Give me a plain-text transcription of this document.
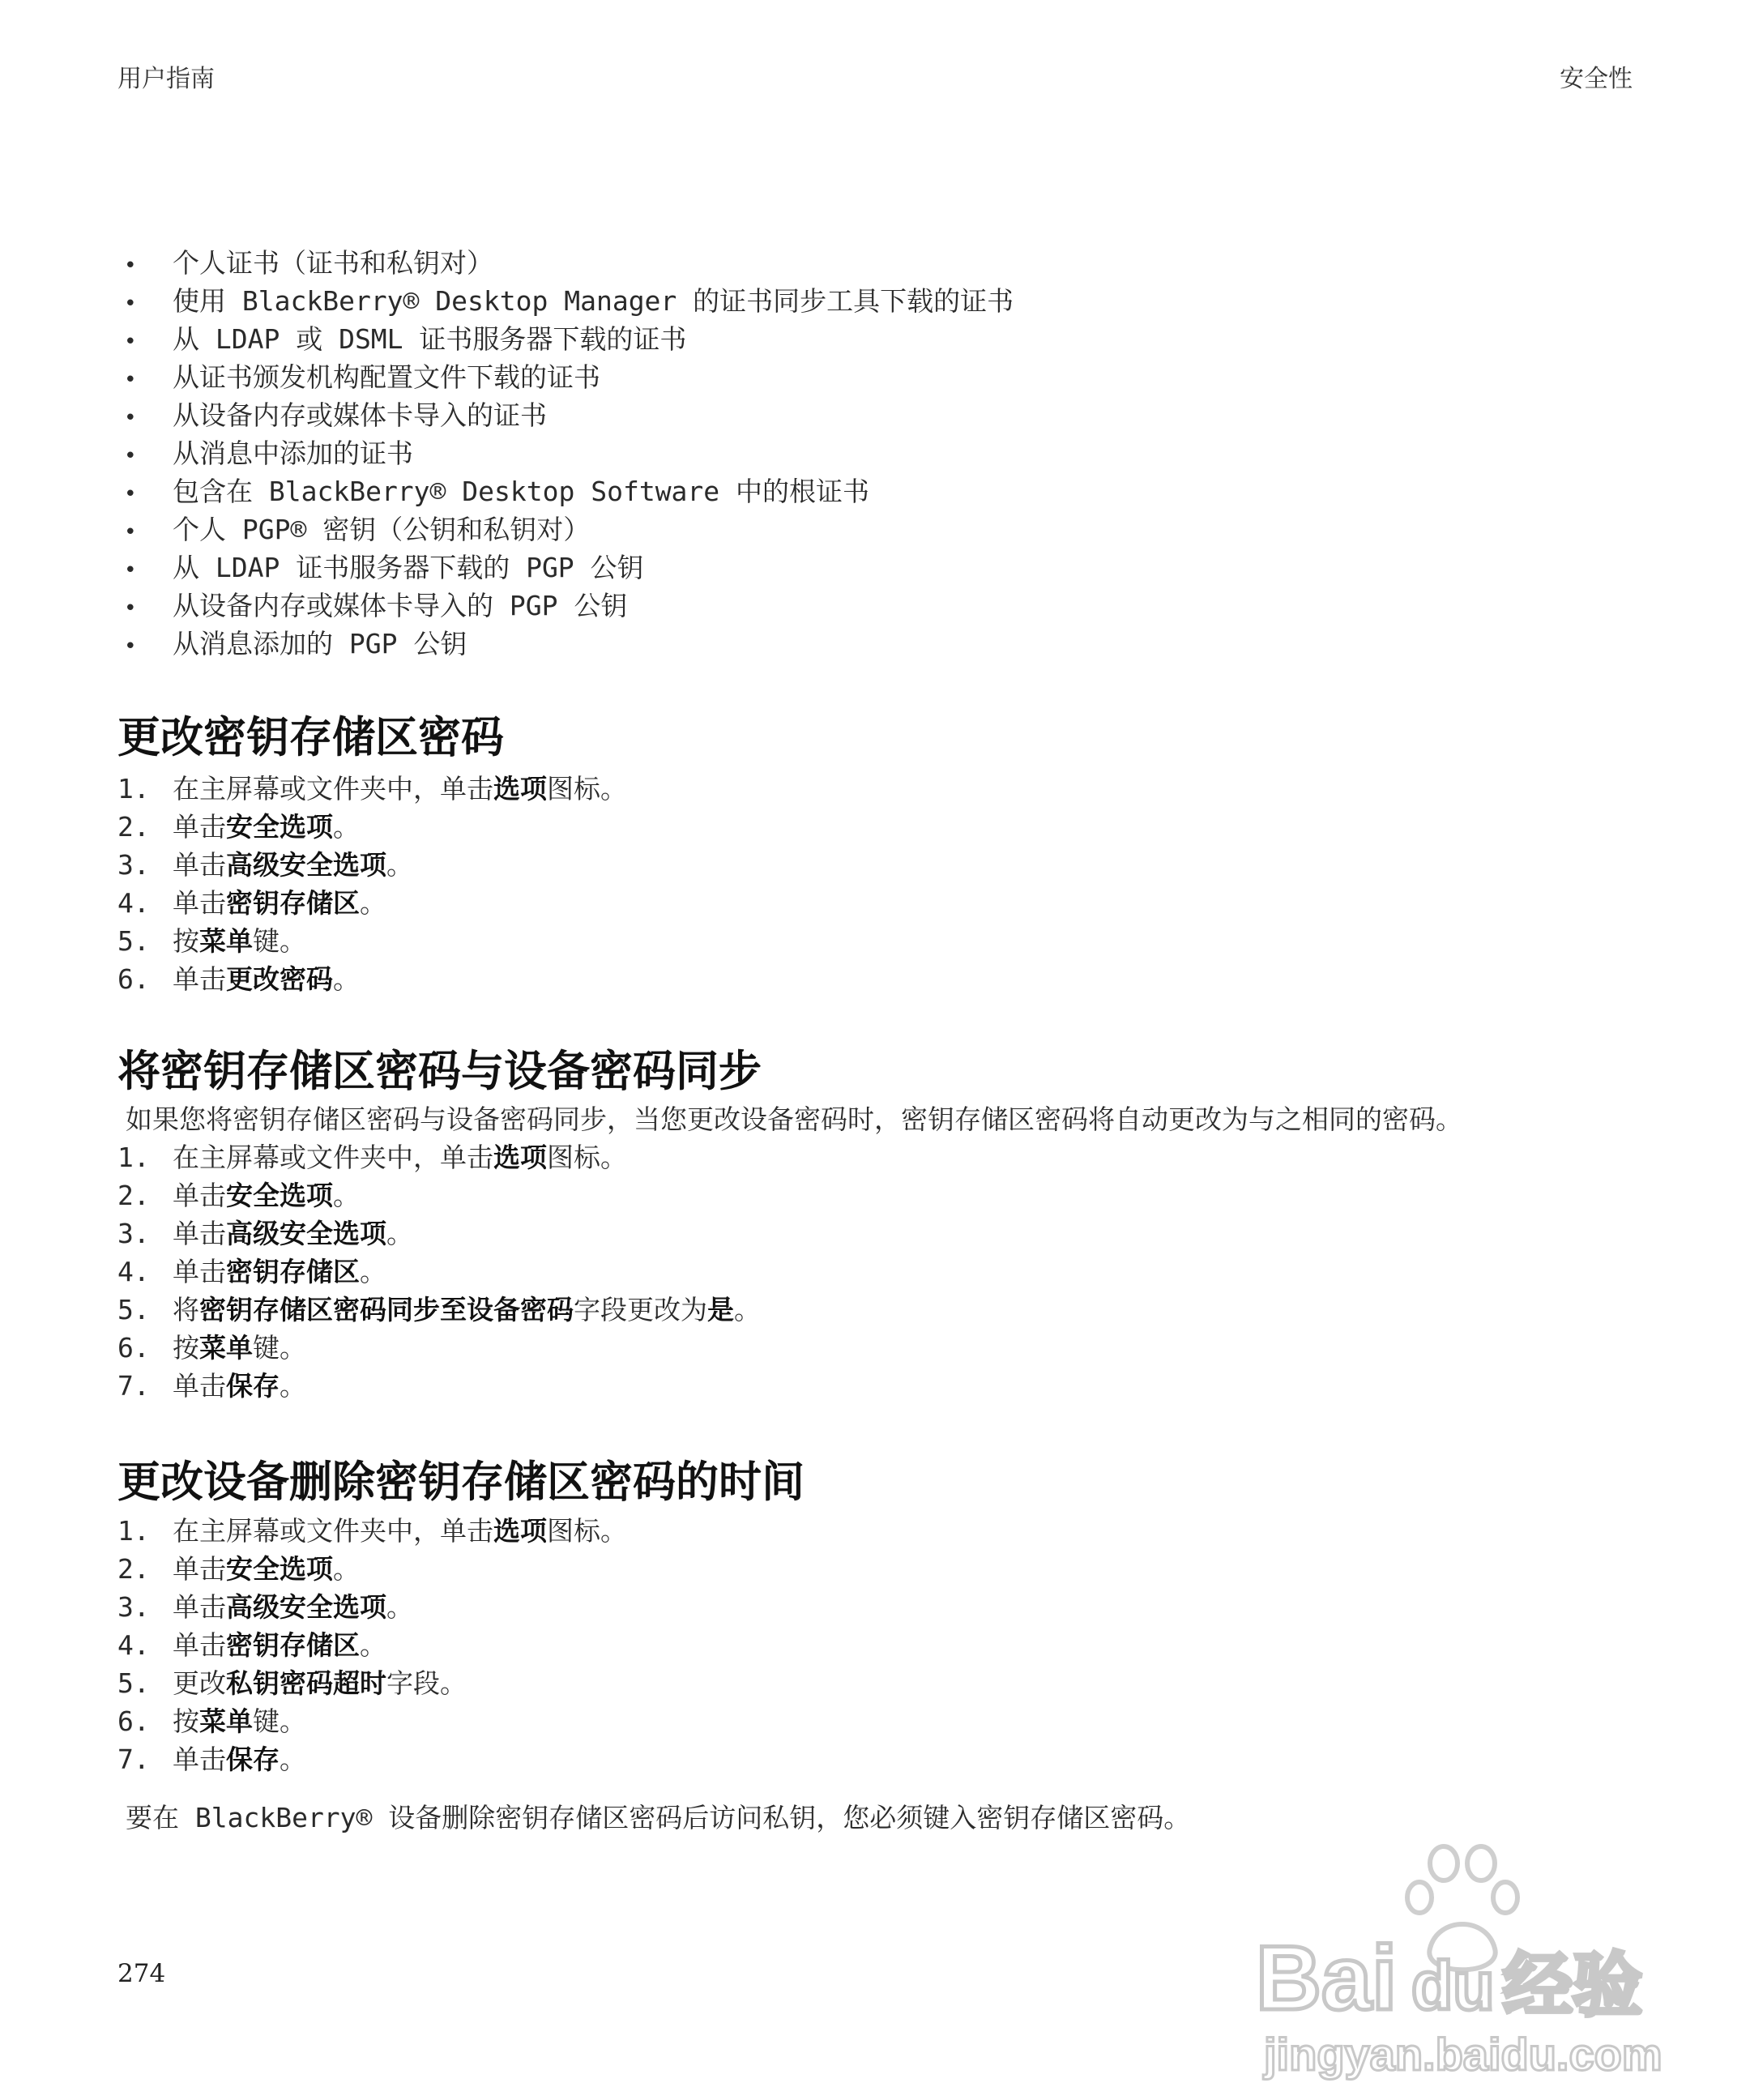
用户指南	安全性
• 个人证书（证书和私钥对）
• 使用 BlackBerry® Desktop Manager 的证书同步工具下载的证书
• 从 LDAP 或 DSML 证书服务器下载的证书
• 从证书颁发机构配置文件下载的证书
• 从设备内存或媒体卡导入的证书
• 从消息中添加的证书
• 包含在 BlackBerry® Desktop Software 中的根证书
• 个人 PGP® 密钥（公钥和私钥对）
• 从 LDAP 证书服务器下载的 PGP 公钥
• 从设备内存或媒体卡导入的 PGP 公钥
• 从消息添加的 PGP 公钥
更改密钥存储区密码
1. 在主屏幕或文件夹中，单击选项图标。
2. 单击安全选项。
3. 单击高级安全选项。
4. 单击密钥存储区。
5. 按菜单键。
6. 单击更改密码。
将密钥存储区密码与设备密码同步
如果您将密钥存储区密码与设备密码同步，当您更改设备密码时，密钥存储区密码将自动更改为与之相同的密码。
1. 在主屏幕或文件夹中，单击选项图标。
2. 单击安全选项。
3. 单击高级安全选项。
4. 单击密钥存储区。
5. 将密钥存储区密码同步至设备密码字段更改为是。
6. 按菜单键。
7. 单击保存。
更改设备删除密钥存储区密码的时间
1. 在主屏幕或文件夹中，单击选项图标。
2. 单击安全选项。
3. 单击高级安全选项。
4. 单击密钥存储区。
5. 更改私钥密码超时字段。
6. 按菜单键。
7. 单击保存。
要在 BlackBerry® 设备删除密钥存储区密码后访问私钥，您必须键入密钥存储区密码。
274	Bai du 经验
jingyan.baidu.com
